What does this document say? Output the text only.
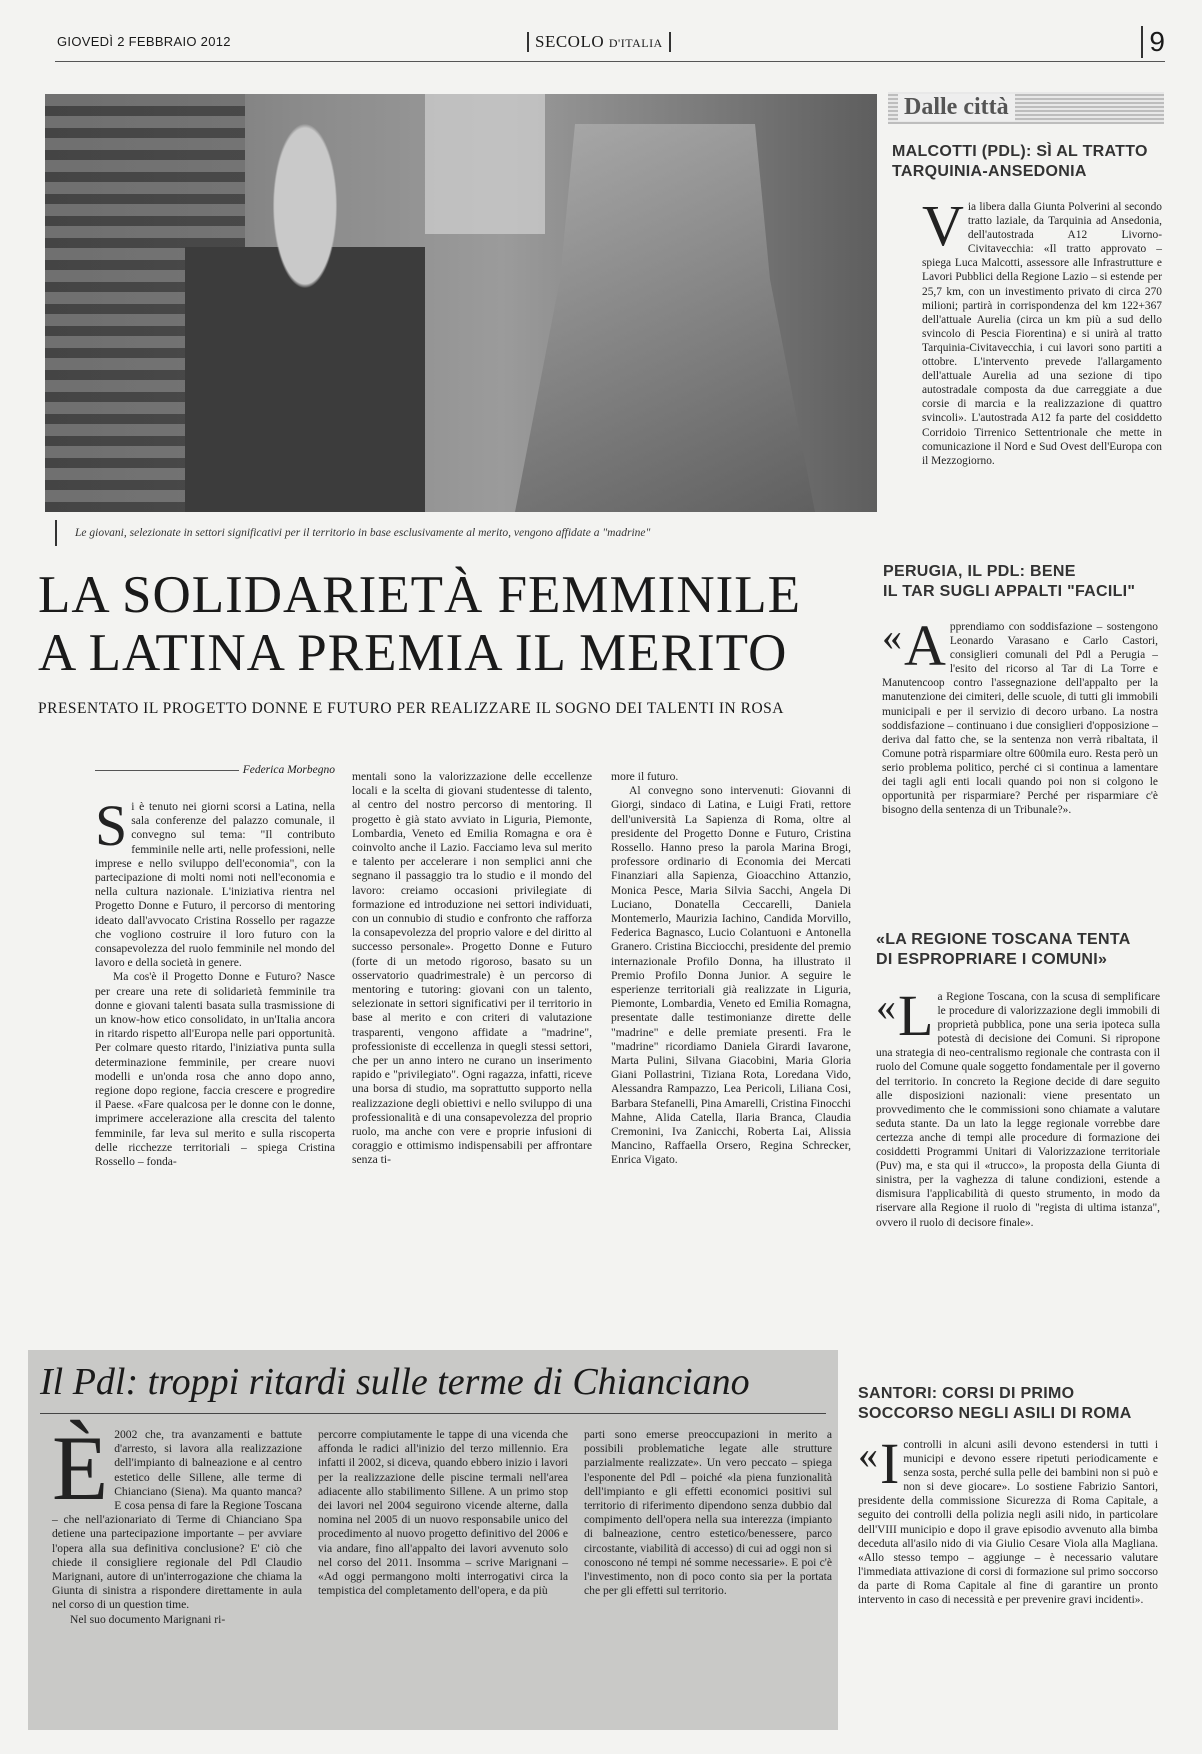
GIOVEDÌ 2 FEBBRAIO 2012	SECOLO D'ITALIA	9
Le giovani, selezionate in settori significativi per il territorio in base esclusivamente al merito, vengono affidate a "madrine"
LA SOLIDARIETÀ FEMMINILE
A LATINA PREMIA IL MERITO
PRESENTATO IL PROGETTO DONNE E FUTURO PER REALIZZARE IL SOGNO DEI TALENTI IN ROSA
Federica Morbegno

Si è tenuto nei giorni scorsi a Latina, nella sala conferenze del palazzo comunale, il convegno sul tema: "Il contributo femminile nelle arti, nelle professioni, nelle imprese e nello sviluppo dell'economia", con la partecipazione di molti nomi noti nell'economia e nella cultura nazionale. L'iniziativa rientra nel Progetto Donne e Futuro, il percorso di mentoring ideato dall'avvocato Cristina Rossello per ragazze che vogliono costruire il loro futuro con la consapevolezza del ruolo femminile nel mondo del lavoro e della società in genere.

Ma cos'è il Progetto Donne e Futuro? Nasce per creare una rete di solidarietà femminile tra donne e giovani talenti basata sulla trasmissione di un know-how etico consolidato, in un'Italia ancora in ritardo rispetto all'Europa nelle pari opportunità. Per colmare questo ritardo, l'iniziativa punta sulla determinazione femminile, per creare nuovi modelli e un'onda rosa che anno dopo anno, regione dopo regione, faccia crescere e progredire il Paese. «Fare qualcosa per le donne con le donne, imprimere accelerazione alla crescita del talento femminile, far leva sul merito e sulla riscoperta delle ricchezze territoriali – spiega Cristina Rossello – fonda-

mentali sono la valorizzazione delle eccellenze locali e la scelta di giovani studentesse di talento, al centro del nostro percorso di mentoring. Il progetto è già stato avviato in Liguria, Piemonte, Lombardia, Veneto ed Emilia Romagna e ora è coinvolto anche il Lazio. Facciamo leva sul merito e talento per accelerare i non semplici anni che segnano il passaggio tra lo studio e il mondo del lavoro: creiamo occasioni privilegiate di formazione ed introduzione nei settori individuati, con un connubio di studio e confronto che rafforza la consapevolezza del proprio valore e del diritto al successo personale». Progetto Donne e Futuro (forte di un metodo rigoroso, basato su un osservatorio quadrimestrale) è un percorso di mentoring e tutoring: giovani con un talento, selezionate in settori significativi per il territorio in base al merito e con criteri di valutazione trasparenti, vengono affidate a "madrine", professioniste di eccellenza in quegli stessi settori, che per un anno intero ne curano un inserimento rapido e "privilegiato". Ogni ragazza, infatti, riceve una borsa di studio, ma soprattutto supporto nella realizzazione degli obiettivi e nello sviluppo di una professionalità e di una consapevolezza del proprio ruolo, ma anche con vere e proprie infusioni di coraggio e ottimismo indispensabili per affrontare senza ti-

more il futuro.

Al convegno sono intervenuti: Giovanni di Giorgi, sindaco di Latina, e Luigi Frati, rettore dell'università La Sapienza di Roma, oltre al presidente del Progetto Donne e Futuro, Cristina Rossello. Hanno preso la parola Marina Brogi, professore ordinario di Economia dei Mercati Finanziari alla Sapienza, Gioacchino Attanzio, Monica Pesce, Maria Silvia Sacchi, Angela Di Luciano, Donatella Ceccarelli, Daniela Montemerlo, Maurizia Iachino, Candida Morvillo, Federica Bagnasco, Lucio Colantuoni e Antonella Granero. Cristina Bicciocchi, presidente del premio internazionale Profilo Donna, ha illustrato il Premio Profilo Donna Junior. A seguire le esperienze territoriali già realizzate in Liguria, Piemonte, Lombardia, Veneto ed Emilia Romagna, presentate dalle testimonianze dirette delle "madrine" e delle premiate presenti. Fra le "madrine" ricordiamo Daniela Girardi Iavarone, Marta Pulini, Silvana Giacobini, Maria Gloria Giani Pollastrini, Tiziana Rota, Loredana Vido, Alessandra Rampazzo, Lea Pericoli, Liliana Cosi, Barbara Stefanelli, Pina Amarelli, Cristina Finocchi Mahne, Alida Catella, Ilaria Branca, Claudia Cremonini, Iva Zanicchi, Roberta Lai, Alissia Mancino, Raffaella Orsero, Regina Schrecker, Enrica Vigato.

Dalle città
MALCOTTI (PDL): SÌ AL TRATTO
TARQUINIA-ANSEDONIA
Via libera dalla Giunta Polverini al secondo tratto laziale, da Tarquinia ad Ansedonia, dell'autostrada A12 Livorno-Civitavecchia: «Il tratto approvato – spiega Luca Malcotti, assessore alle Infrastrutture e Lavori Pubblici della Regione Lazio – si estende per 25,7 km, con un investimento privato di circa 270 milioni; partirà in corrispondenza del km 122+367 dell'attuale Aurelia (circa un km più a sud dello svincolo di Pescia Fiorentina) e si unirà al tratto Tarquinia-Civitavecchia, i cui lavori sono partiti a ottobre. L'intervento prevede l'allargamento dell'attuale Aurelia ad una sezione di tipo autostradale composta da due carreggiate a due corsie di marcia e la realizzazione di quattro svincoli». L'autostrada A12 fa parte del cosiddetto Corridoio Tirrenico Settentrionale che mette in comunicazione il Nord e Sud Ovest dell'Europa con il Mezzogiorno.
PERUGIA, IL PDL: BENE
IL TAR SUGLI APPALTI "FACILI"
« A pprendiamo con soddisfazione – sostengono Leonardo Varasano e Carlo Castori, consiglieri comunali del Pdl a Perugia – l'esito del ricorso al Tar di La Torre e Manutencoop contro l'assegnazione dell'appalto per la manutenzione dei cimiteri, delle scuole, di tutti gli immobili municipali e per il servizio di decoro urbano. La nostra soddisfazione – continuano i due consiglieri d'opposizione – deriva dal fatto che, se la sentenza non verrà ribaltata, il Comune potrà risparmiare oltre 600mila euro. Resta però un serio problema politico, perché ci si continua a lamentare dei tagli agli enti locali quando poi non si colgono le opportunità per risparmiare? Perché per risparmiare c'è bisogno della sentenza di un Tribunale?».
«LA REGIONE TOSCANA TENTA
DI ESPROPRIARE I COMUNI»
« L a Regione Toscana, con la scusa di semplificare le procedure di valorizzazione degli immobili di proprietà pubblica, pone una seria ipoteca sulla potestà di decisione dei Comuni. Si ripropone una strategia di neo-centralismo regionale che contrasta con il ruolo del Comune quale soggetto fondamentale per il governo del territorio. In concreto la Regione decide di dare seguito alle disposizioni nazionali: viene presentato un provvedimento che le commissioni sono chiamate a valutare seduta stante. Da un lato la legge regionale vorrebbe dare certezza anche di tempi alle procedure di formazione dei cosiddetti Programmi Unitari di Valorizzazione territoriale (Puv) ma, e sta qui il «trucco», la proposta della Giunta di sinistra, per la vaghezza di talune condizioni, estende a dismisura l'applicabilità di questo strumento, in modo da riservare alla Regione il ruolo di "regista di ultima istanza", ovvero il ruolo di decisore finale».
SANTORI: CORSI DI PRIMO
SOCCORSO NEGLI ASILI DI ROMA
« I controlli in alcuni asili devono estendersi in tutti i municipi e devono essere ripetuti periodicamente e senza sosta, perché sulla pelle dei bambini non si può e non si deve giocare». Lo sostiene Fabrizio Santori, presidente della commissione Sicurezza di Roma Capitale, a seguito dei controlli della polizia negli asili nido, in particolare dell'VIII municipio e dopo il grave episodio avvenuto alla bimba deceduta all'asilo nido di via Giulio Cesare Viola alla Magliana. «Allo stesso tempo – aggiunge – è necessario valutare l'immediata attivazione di corsi di formazione sul primo soccorso da parte di Roma Capitale al fine di garantire un pronto intervento in caso di necessità e per prevenire gravi incidenti».
Il Pdl: troppi ritardi sulle terme di Chianciano

È 2002 che, tra avanzamenti e battute d'arresto, si lavora alla realizzazione dell'impianto di balneazione e al centro estetico delle Sillene, alle terme di Chianciano (Siena). Ma quanto manca? E cosa pensa di fare la Regione Toscana – che nell'azionariato di Terme di Chianciano Spa detiene una partecipazione importante – per avviare l'opera alla sua definitiva conclusione? E' ciò che chiede il consigliere regionale del Pdl Claudio Marignani, autore di un'interrogazione che chiama la Giunta di sinistra a rispondere direttamente in aula nel corso di un question time.

Nel suo documento Marignani ri-

percorre compiutamente le tappe di una vicenda che affonda le radici all'inizio del terzo millennio. Era infatti il 2002, si diceva, quando ebbero inizio i lavori per la realizzazione delle piscine termali nell'area adiacente allo stabilimento Sillene. A un primo stop dei lavori nel 2004 seguirono vicende alterne, dalla nomina nel 2005 di un nuovo responsabile unico del procedimento al nuovo progetto definitivo del 2006 e via andare, fino all'appalto dei lavori avvenuto solo nel corso del 2011. Insomma – scrive Marignani – «Ad oggi permangono molti interrogativi circa la tempistica del completamento dell'opera, e da più

parti sono emerse preoccupazioni in merito a possibili problematiche legate alle strutture parzialmente realizzate». Un vero peccato – spiega l'esponente del Pdl – poiché «la piena funzionalità dell'impianto e gli effetti economici positivi sul territorio di riferimento dipendono senza dubbio dal compimento dell'opera nella sua interezza (impianto di balneazione, centro estetico/benessere, parco circostante, viabilità di accesso) di cui ad oggi non si conoscono né tempi né somme necessarie». E poi c'è l'investimento, non di poco conto sia per la portata che per gli effetti sul territorio.
